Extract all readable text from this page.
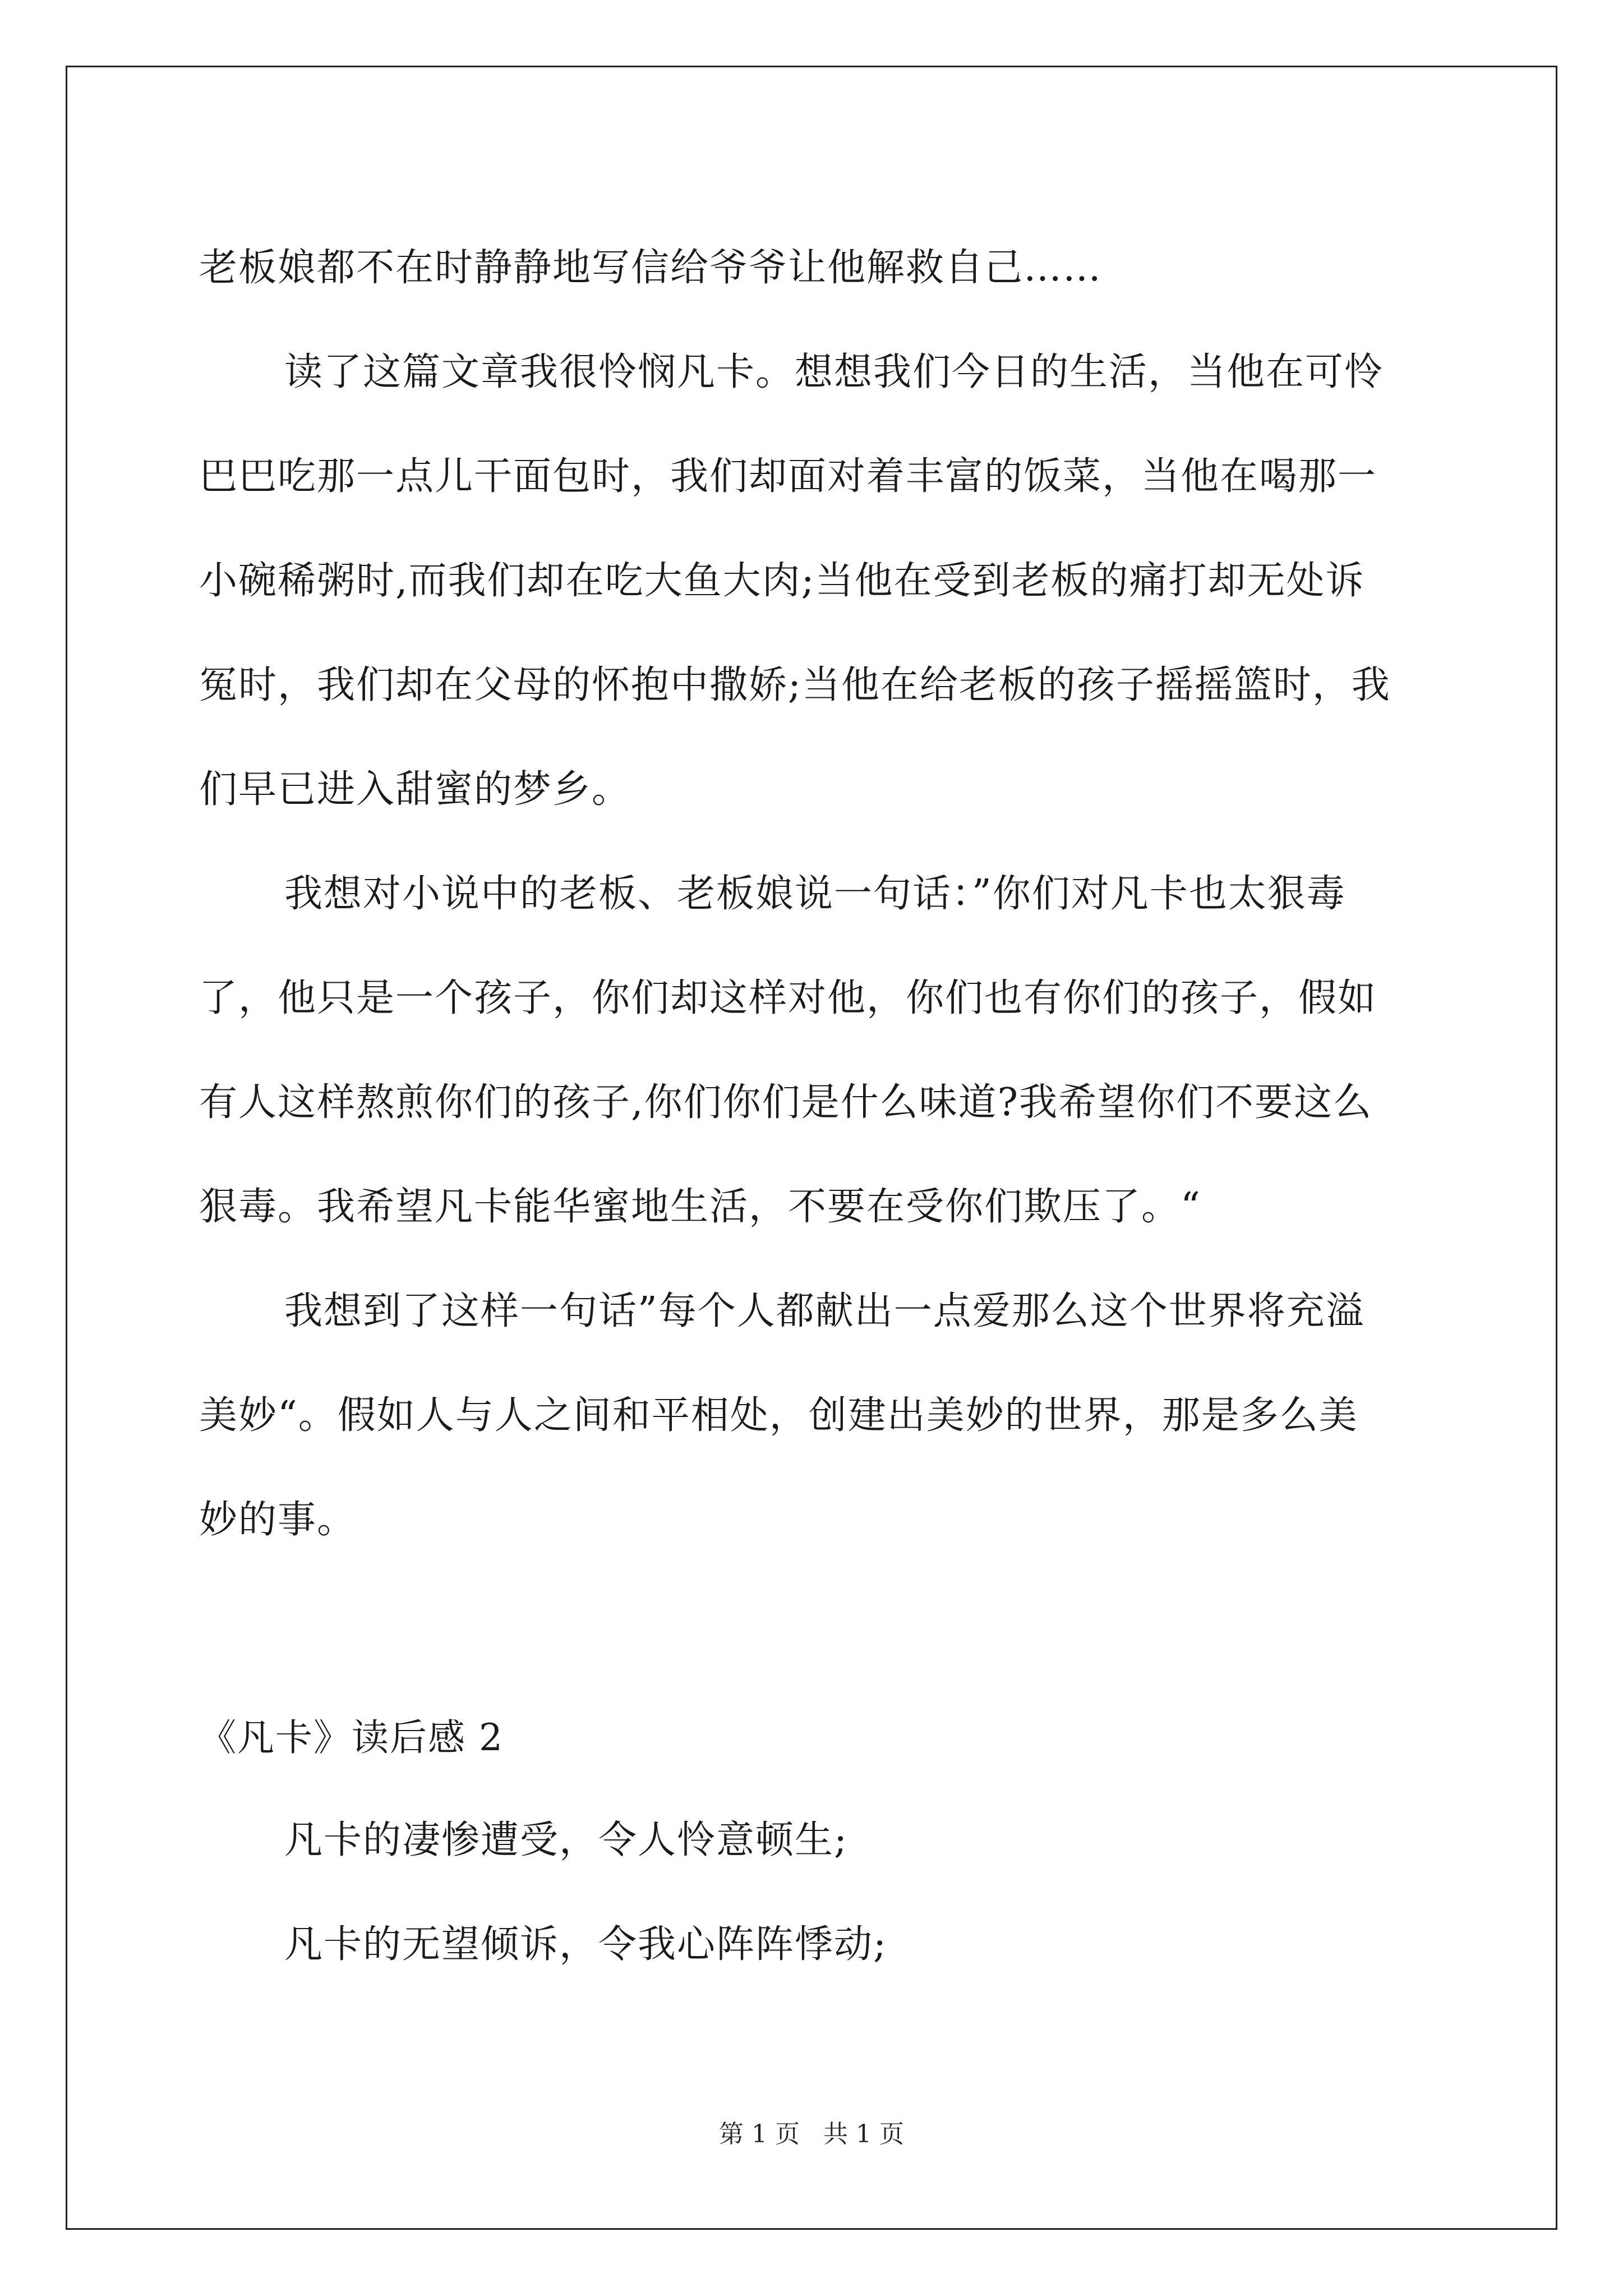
老板娘都不在时静静地写信给爷爷让他解救自己……
读了这篇文章我很怜悯凡卡。想想我们今日的生活，当他在可怜
巴巴吃那一点儿干面包时，我们却面对着丰富的饭菜，当他在喝那一
小碗稀粥时,而我们却在吃大鱼大肉;当他在受到老板的痛打却无处诉
冤时，我们却在父母的怀抱中撒娇;当他在给老板的孩子摇摇篮时，我
们早已进入甜蜜的梦乡。
我想对小说中的老板、老板娘说一句话：”你们对凡卡也太狠毒
了，他只是一个孩子，你们却这样对他，你们也有你们的孩子，假如
有人这样熬煎你们的孩子,你们你们是什么味道?我希望你们不要这么
狠毒。我希望凡卡能华蜜地生活，不要在受你们欺压了。“
我想到了这样一句话”每个人都献出一点爱那么这个世界将充溢
美妙“。假如人与人之间和平相处，创建出美妙的世界，那是多么美
妙的事。
《凡卡》读后感 2
凡卡的凄惨遭受，令人怜意顿生;
凡卡的无望倾诉，令我心阵阵悸动;
第 1 页 共 1 页
